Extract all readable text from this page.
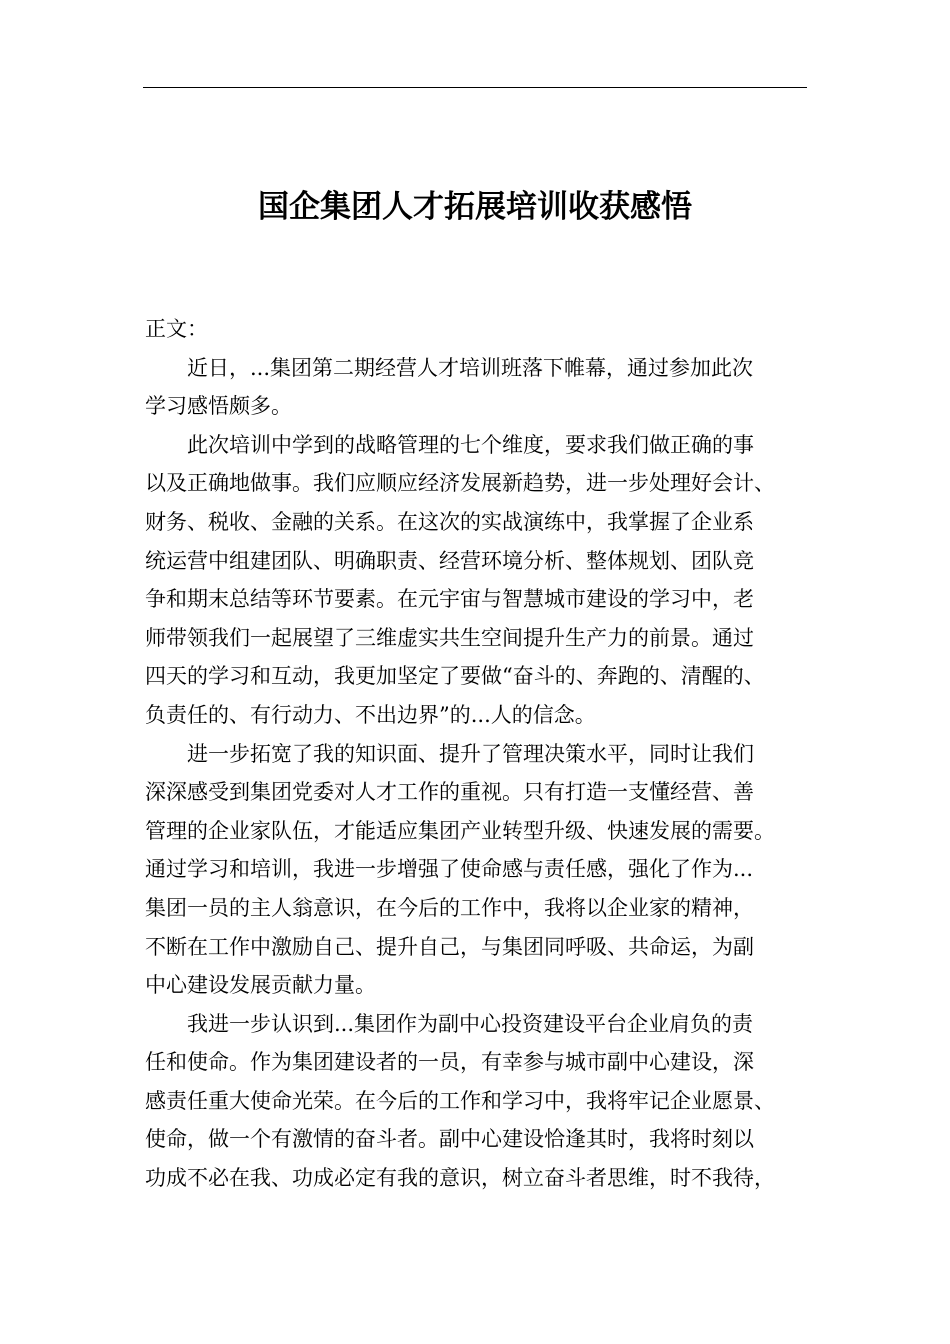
国企集团人才拓展培训收获感悟

正文：

近日，...集团第二期经营人才培训班落下帷幕，通过参加此次
学习感悟颇多。

此次培训中学到的战略管理的七个维度，要求我们做正确的事
以及正确地做事。我们应顺应经济发展新趋势，进一步处理好会计、
财务、税收、金融的关系。在这次的实战演练中，我掌握了企业系
统运营中组建团队、明确职责、经营环境分析、整体规划、团队竞
争和期末总结等环节要素。在元宇宙与智慧城市建设的学习中，老
师带领我们一起展望了三维虚实共生空间提升生产力的前景。通过
四天的学习和互动，我更加坚定了要做“奋斗的、奔跑的、清醒的、
负责任的、有行动力、不出边界”的...人的信念。

进一步拓宽了我的知识面、提升了管理决策水平，同时让我们
深深感受到集团党委对人才工作的重视。只有打造一支懂经营、善
管理的企业家队伍，才能适应集团产业转型升级、快速发展的需要。
通过学习和培训，我进一步增强了使命感与责任感，强化了作为...
集团一员的主人翁意识，在今后的工作中，我将以企业家的精神，
不断在工作中激励自己、提升自己，与集团同呼吸、共命运，为副
中心建设发展贡献力量。

我进一步认识到...集团作为副中心投资建设平台企业肩负的责
任和使命。作为集团建设者的一员，有幸参与城市副中心建设，深
感责任重大使命光荣。在今后的工作和学习中，我将牢记企业愿景、
使命，做一个有激情的奋斗者。副中心建设恰逢其时，我将时刻以
功成不必在我、功成必定有我的意识，树立奋斗者思维，时不我待，
